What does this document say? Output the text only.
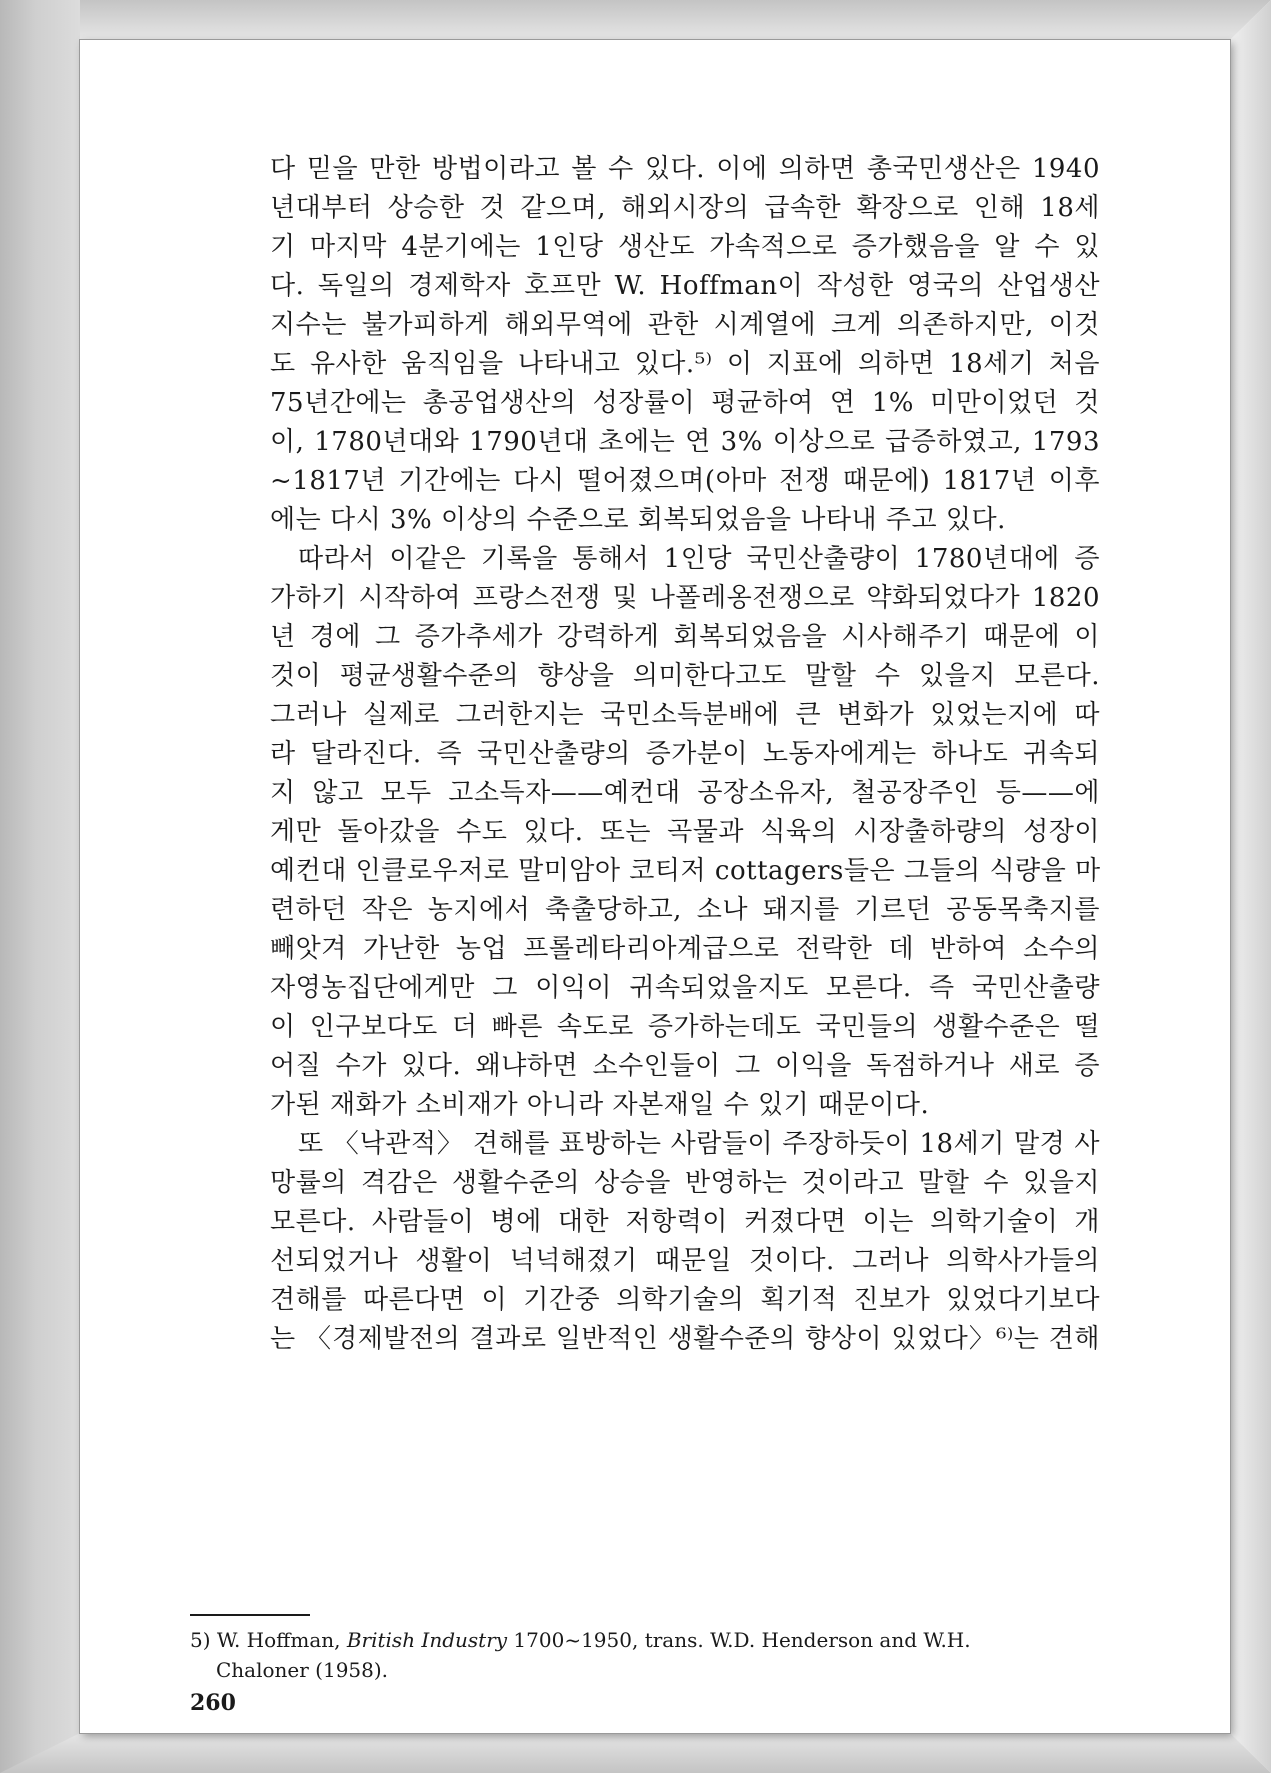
다 믿을 만한 방법이라고 볼 수 있다. 이에 의하면 총국민생산은 1940
년대부터 상승한 것 같으며, 해외시장의 급속한 확장으로 인해 18세
기 마지막 4분기에는 1인당 생산도 가속적으로 증가했음을 알 수 있
다. 독일의 경제학자 호프만 W. Hoffman이 작성한 영국의 산업생산
지수는 불가피하게 해외무역에 관한 시계열에 크게 의존하지만, 이것
도 유사한 움직임을 나타내고 있다.⁵⁾ 이 지표에 의하면 18세기 처음
75년간에는 총공업생산의 성장률이 평균하여 연 1% 미만이었던 것
이, 1780년대와 1790년대 초에는 연 3% 이상으로 급증하였고, 1793
~1817년 기간에는 다시 떨어졌으며(아마 전쟁 때문에) 1817년 이후
에는 다시 3% 이상의 수준으로 회복되었음을 나타내 주고 있다.
따라서 이같은 기록을 통해서 1인당 국민산출량이 1780년대에 증
가하기 시작하여 프랑스전쟁 및 나폴레옹전쟁으로 약화되었다가 1820
년 경에 그 증가추세가 강력하게 회복되었음을 시사해주기 때문에 이
것이 평균생활수준의 향상을 의미한다고도 말할 수 있을지 모른다.
그러나 실제로 그러한지는 국민소득분배에 큰 변화가 있었는지에 따
라 달라진다. 즉 국민산출량의 증가분이 노동자에게는 하나도 귀속되
지 않고 모두 고소득자——예컨대 공장소유자, 철공장주인 등——에
게만 돌아갔을 수도 있다. 또는 곡물과 식육의 시장출하량의 성장이
예컨대 인클로우저로 말미암아 코티저 cottagers들은 그들의 식량을 마
련하던 작은 농지에서 축출당하고, 소나 돼지를 기르던 공동목축지를
빼앗겨 가난한 농업 프롤레타리아계급으로 전락한 데 반하여 소수의
자영농집단에게만 그 이익이 귀속되었을지도 모른다. 즉 국민산출량
이 인구보다도 더 빠른 속도로 증가하는데도 국민들의 생활수준은 떨
어질 수가 있다. 왜냐하면 소수인들이 그 이익을 독점하거나 새로 증
가된 재화가 소비재가 아니라 자본재일 수 있기 때문이다.
또 〈낙관적〉 견해를 표방하는 사람들이 주장하듯이 18세기 말경 사
망률의 격감은 생활수준의 상승을 반영하는 것이라고 말할 수 있을지
모른다. 사람들이 병에 대한 저항력이 커졌다면 이는 의학기술이 개
선되었거나 생활이 넉넉해졌기 때문일 것이다. 그러나 의학사가들의
견해를 따른다면 이 기간중 의학기술의 획기적 진보가 있었다기보다
는 〈경제발전의 결과로 일반적인 생활수준의 향상이 있었다〉⁶⁾는 견해
5) W. Hoffman, British Industry 1700~1950, trans. W.D. Henderson and W.H.
Chaloner (1958).
260
